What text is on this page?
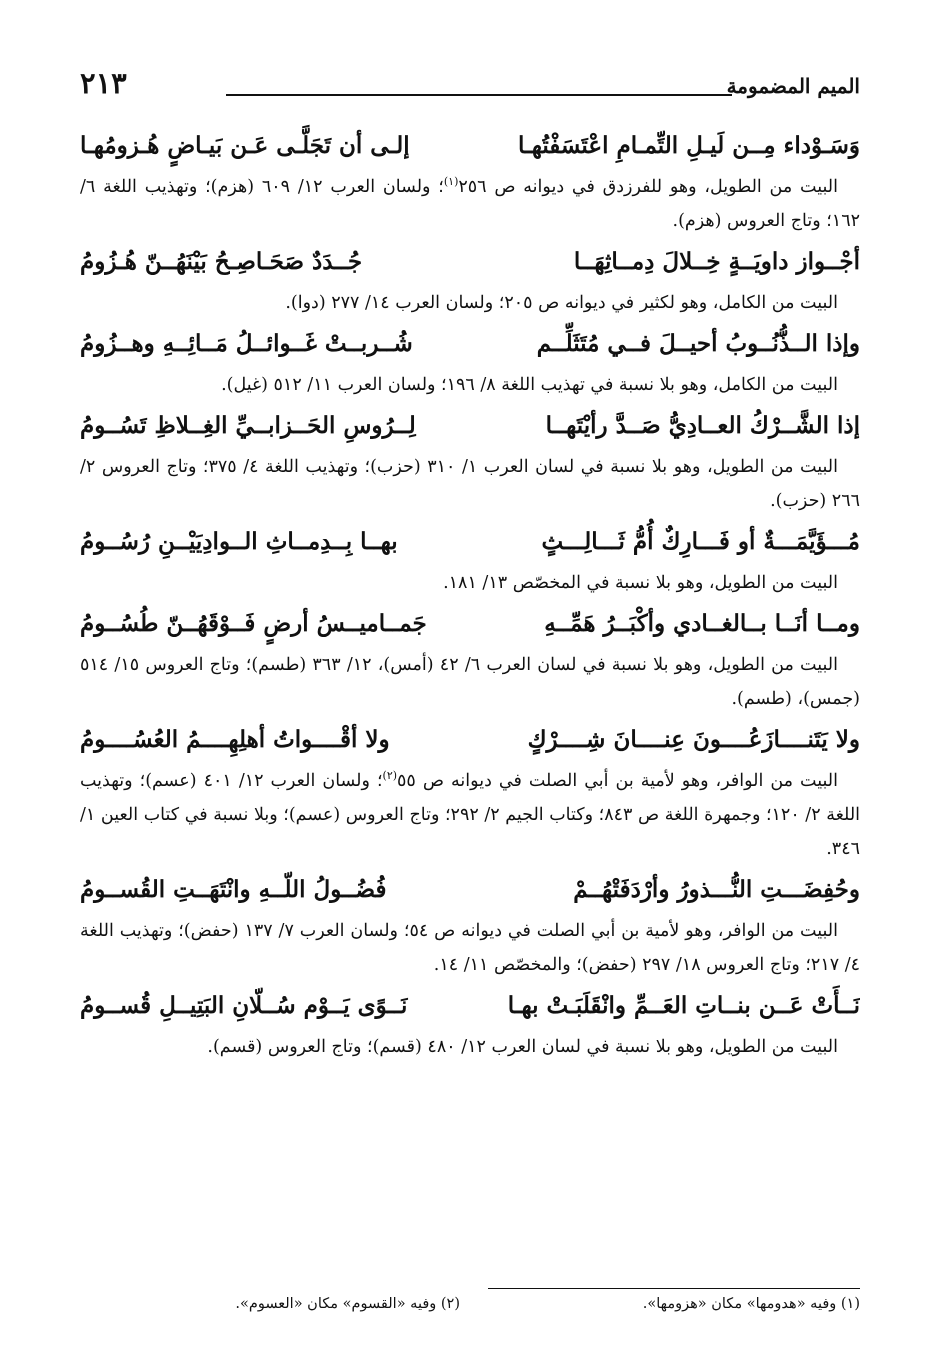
الميم المضمومة
٢١٣
وَسَـوْداء مِــن لَيـلِ التِّمـامِ اعْتَسَفْتُهـا
إلـى أن تَجَلَّـى عَـن بَيـاضٍ هُـزومُهـا

البيت من الطويل، وهو للفرزدق في ديوانه ص ٢٥٦$^{(١)}$؛ ولسان العرب ١٢/ ٦٠٩ (هزم)؛ وتهذيب اللغة ٦/ ١٦٢؛ وتاج العروس (هزم).

أجْــواز داويَــةٍ خِــلالَ دِمــاثِهَــا
جُــدَدٌ صَحَـاصِـحُ بَيْنَهُــنّ هُـزُومُ

البيت من الكامل، وهو لكثير في ديوانه ص ٢٠٥؛ ولسان العرب ١٤/ ٢٧٧ (دوا).

وإذا الــذُّنُــوبُ أحيــلَ فــي مُتَثَلِّــم
شُــربــتْ غَــوائــلُ مَــائِــهِ وهــزُومُ

البيت من الكامل، وهو بلا نسبة في تهذيب اللغة ٨/ ١٩٦؛ ولسان العرب ١١/ ٥١٢ (غيل).

إذا الشَّــرْكُ العــادِيُّ صَــدَّ رأيْتَهــا
لِــرُوسِ الحَــزابــيِّ الغِــلاظِ تَسُــومُ

البيت من الطويل، وهو بلا نسبة في لسان العرب ١/ ٣١٠ (حزب)؛ وتهذيب اللغة ٤/ ٣٧٥؛ وتاج العروس ٢/ ٢٦٦ (حزب).

مُـــؤَيَّمَـــةٌ أو فَـــارِكٌ أُمُّ ثَـــالِـــثٍ
بهــا بِــدِمــاثِ الــوادِيَيْــنِ رُسُــومُ

البيت من الطويل، وهو بلا نسبة في المخصّص ١٣/ ١٨١.

ومــا أنَــا بــالغــادي وأكْبَــرُ هَمِّــهِ
جَمــاميــسُ أرضٍ فَــوْقَهُــنّ طُسُــومُ

البيت من الطويل، وهو بلا نسبة في لسان العرب ٦/ ٤٢ (أمس)، ١٢/ ٣٦٣ (طسم)؛ وتاج العروس ١٥/ ٥١٤ (جمس)، (طسم).

ولا يَتَنــــازَعُــــونَ عِنــــانَ شِــــرْكٍ
ولا أقْــــواتُ أهلِهِــــمُ العُسُــــومُ

البيت من الوافر، وهو لأمية بن أبي الصلت في ديوانه ص ٥٥$^{(٢)}$؛ ولسان العرب ١٢/ ٤٠١ (عسم)؛ وتهذيب اللغة ٢/ ١٢٠؛ وجمهرة اللغة ص ٨٤٣؛ وكتاب الجيم ٢/ ٢٩٢؛ وتاج العروس (عسم)؛ وبلا نسبة في كتاب العين ١/ ٣٤٦.

وحُفِضَـــتِ النُّـــذورُ وأرْدَفَتْهُــمْ
فُضُــولُ اللّــهِ وانْتَهَــتِ القُســومُ

البيت من الوافر، وهو لأمية بن أبي الصلت في ديوانه ص ٥٤؛ ولسان العرب ٧/ ١٣٧ (حفض)؛ وتهذيب اللغة ٤/ ٢١٧؛ وتاج العروس ١٨/ ٢٩٧ (حفض)؛ والمخصّص ١١/ ١٤.

نَــأَتْ عَــن بنــاتِ العَــمِّ وانْقَلَبَـتْ بهـا
نَــوًى يَــوْم سُــلّانِ البَتِيــلِ قُســومُ

البيت من الطويل، وهو بلا نسبة في لسان العرب ١٢/ ٤٨٠ (قسم)؛ وتاج العروس (قسم).

(١) وفيه «هدومها» مكان «هزومها».
(٢) وفيه «القسوم» مكان «العسوم».
